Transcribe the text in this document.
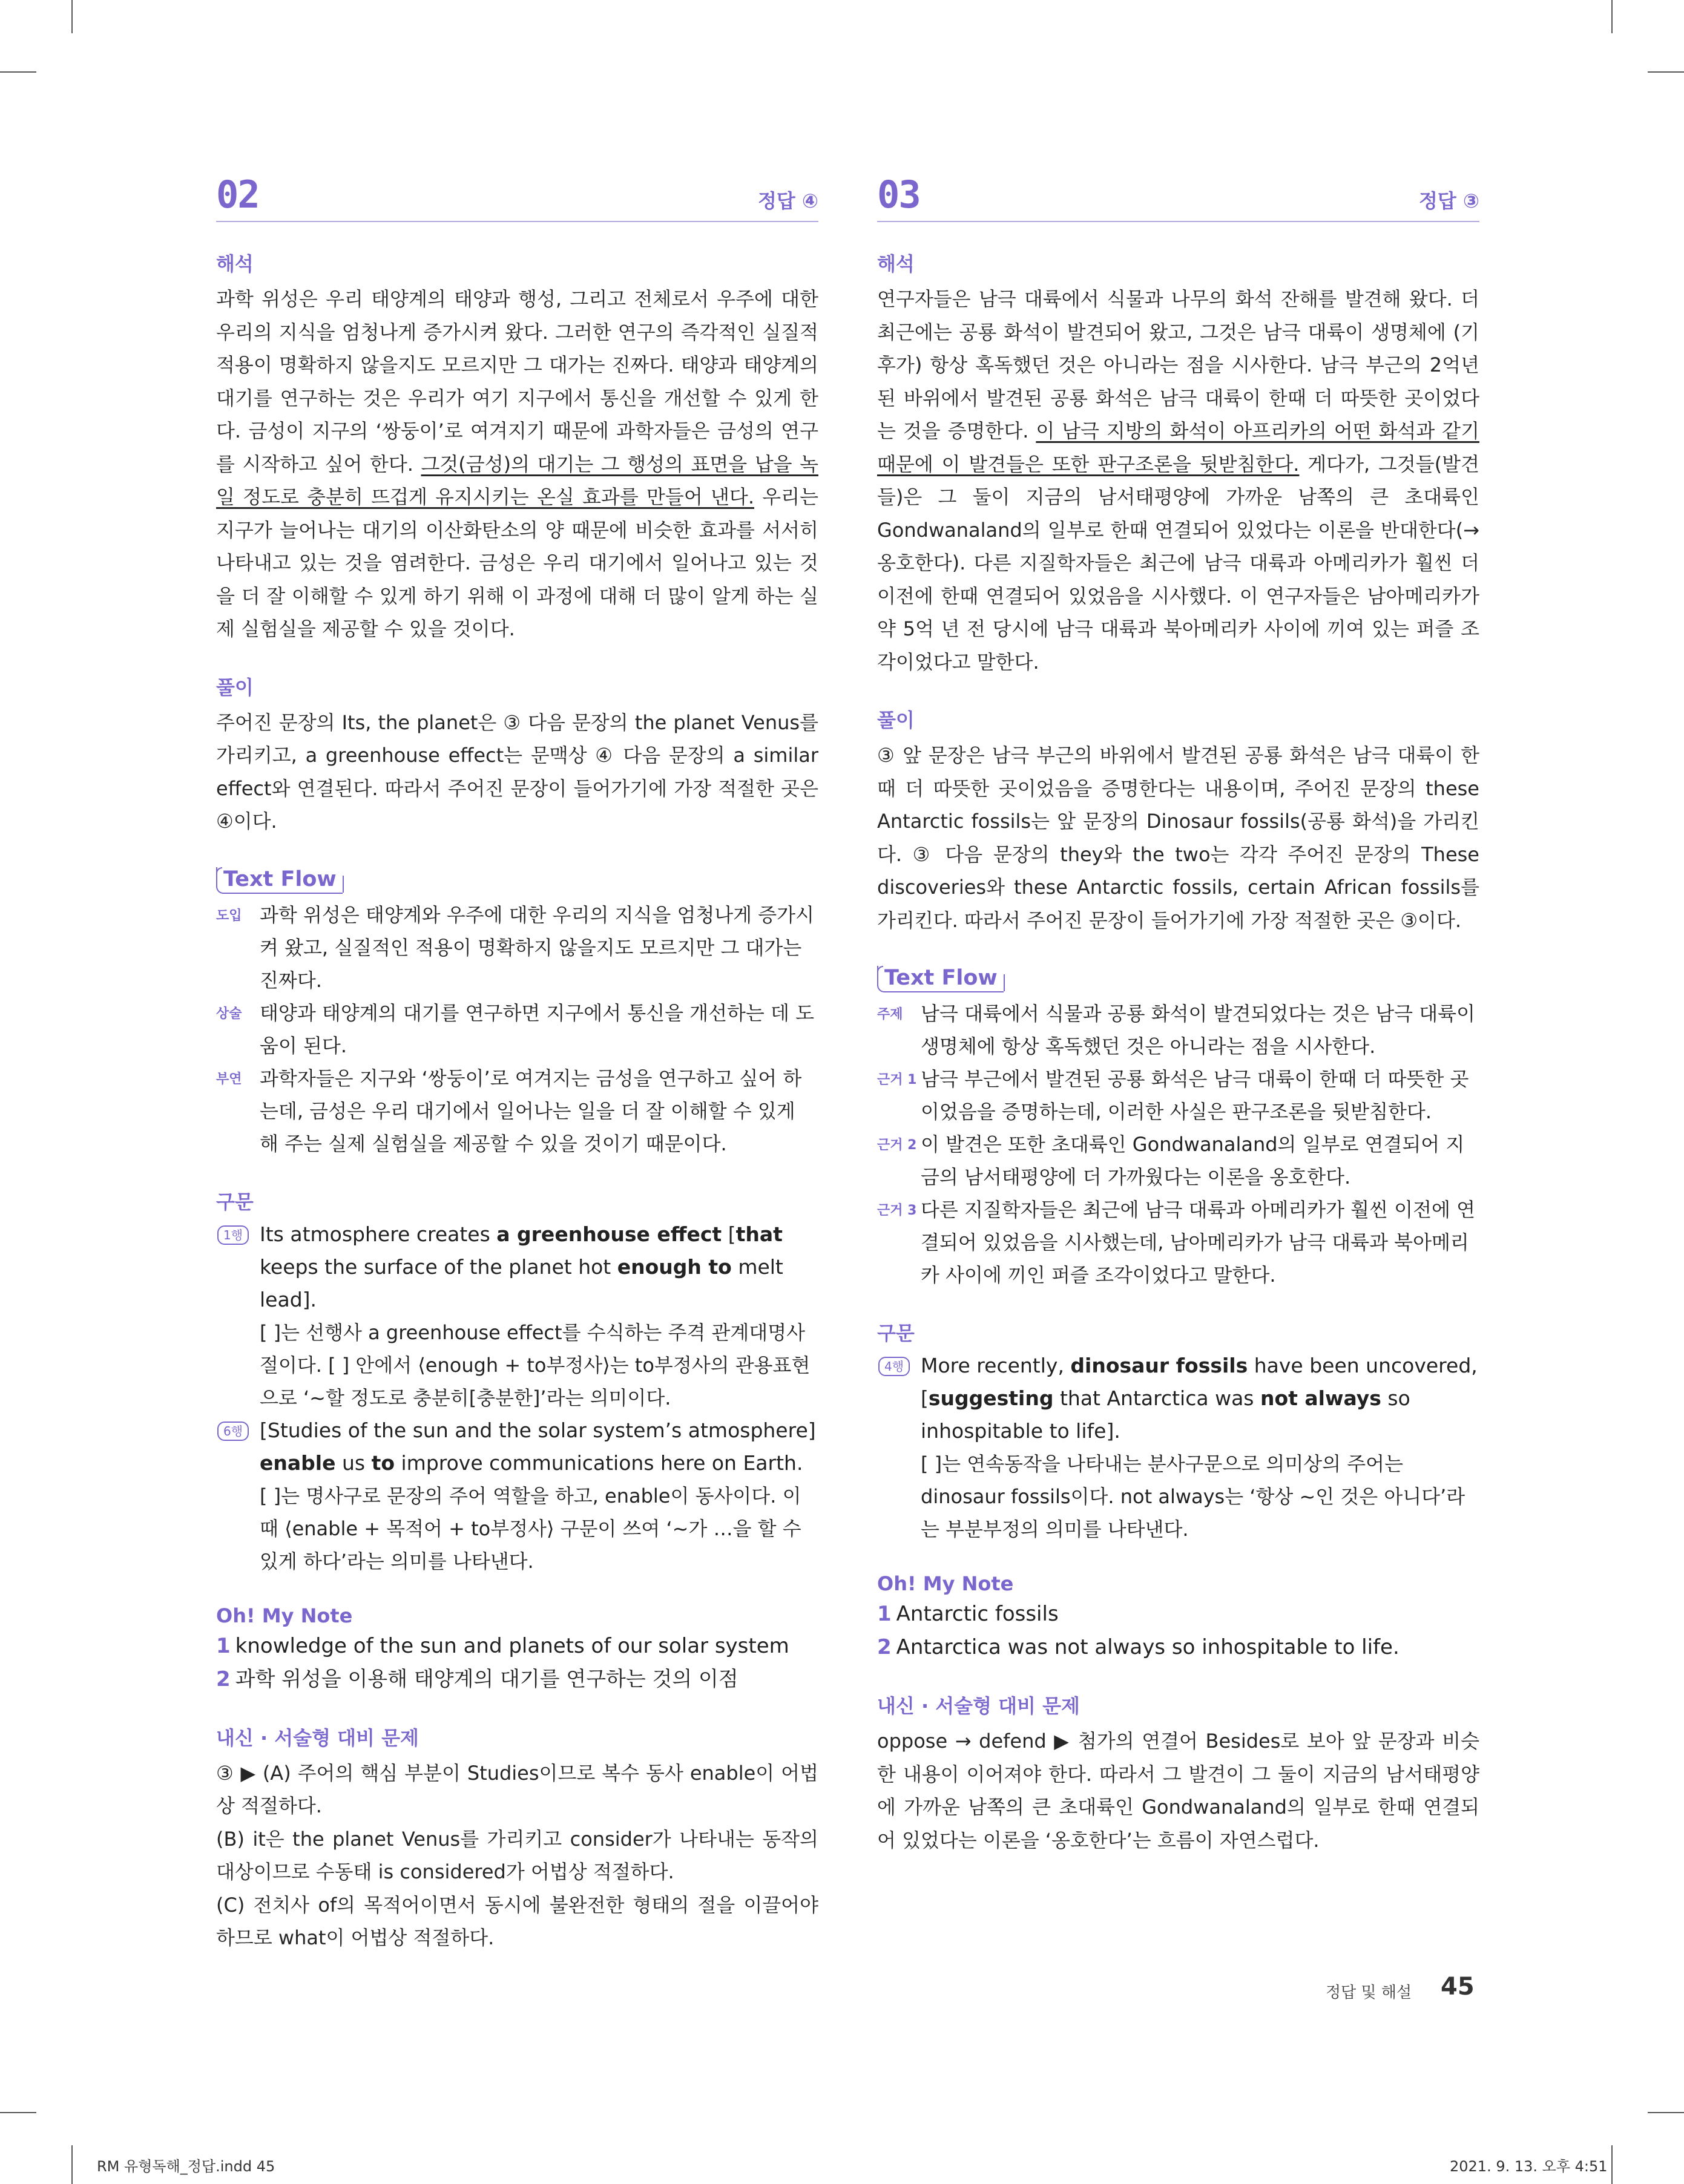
02	정답 ④
해석
과학 위성은 우리 태양계의 태양과 행성, 그리고 전체로서 우주에 대한 우리의 지식을 엄청나게 증가시켜 왔다. 그러한 연구의 즉각적인 실질적 적용이 명확하지 않을지도 모르지만 그 대가는 진짜다. 태양과 태양계의 대기를 연구하는 것은 우리가 여기 지구에서 통신을 개선할 수 있게 한다. 금성이 지구의 ‘쌍둥이’로 여겨지기 때문에 과학자들은 금성의 연구를 시작하고 싶어 한다. 그것(금성)의 대기는 그 행성의 표면을 납을 녹일 정도로 충분히 뜨겁게 유지시키는 온실 효과를 만들어 낸다. 우리는 지구가 늘어나는 대기의 이산화탄소의 양 때문에 비슷한 효과를 서서히 나타내고 있는 것을 염려한다. 금성은 우리 대기에서 일어나고 있는 것을 더 잘 이해할 수 있게 하기 위해 이 과정에 대해 더 많이 알게 하는 실제 실험실을 제공할 수 있을 것이다.
풀이
주어진 문장의 Its, the planet은 ③ 다음 문장의 the planet Venus를 가리키고, a greenhouse effect는 문맥상 ④ 다음 문장의 a similar effect와 연결된다. 따라서 주어진 문장이 들어가기에 가장 적절한 곳은 ④이다.
Text Flow
도입 과학 위성은 태양계와 우주에 대한 우리의 지식을 엄청나게 증가시켜 왔고, 실질적인 적용이 명확하지 않을지도 모르지만 그 대가는 진짜다.
상술 태양과 태양계의 대기를 연구하면 지구에서 통신을 개선하는 데 도움이 된다.
부연 과학자들은 지구와 ‘쌍둥이’로 여겨지는 금성을 연구하고 싶어 하는데, 금성은 우리 대기에서 일어나는 일을 더 잘 이해할 수 있게 해 주는 실제 실험실을 제공할 수 있을 것이기 때문이다.
구문
1행 Its atmosphere creates a greenhouse effect [that keeps the surface of the planet hot enough to melt lead].
[ ]는 선행사 a greenhouse effect를 수식하는 주격 관계대명사절이다. [ ] 안에서 ⟨enough + to부정사⟩는 to부정사의 관용표현으로 ‘~할 정도로 충분히[충분한]’라는 의미이다.
6행 [Studies of the sun and the solar system’s atmosphere] enable us to improve communications here on Earth.
[ ]는 명사구로 문장의 주어 역할을 하고, enable이 동사이다. 이때 ⟨enable + 목적어 + to부정사⟩ 구문이 쓰여 ‘~가 …을 할 수 있게 하다’라는 의미를 나타낸다.
Oh! My Note
1 knowledge of the sun and planets of our solar system
2 과학 위성을 이용해 태양계의 대기를 연구하는 것의 이점
내신 · 서술형 대비 문제
③ ▶ (A) 주어의 핵심 부분이 Studies이므로 복수 동사 enable이 어법상 적절하다.
(B) it은 the planet Venus를 가리키고 consider가 나타내는 동작의 대상이므로 수동태 is considered가 어법상 적절하다.
(C) 전치사 of의 목적어이면서 동시에 불완전한 형태의 절을 이끌어야 하므로 what이 어법상 적절하다.
03	정답 ③
해석
연구자들은 남극 대륙에서 식물과 나무의 화석 잔해를 발견해 왔다. 더 최근에는 공룡 화석이 발견되어 왔고, 그것은 남극 대륙이 생명체에 (기후가) 항상 혹독했던 것은 아니라는 점을 시사한다. 남극 부근의 2억년 된 바위에서 발견된 공룡 화석은 남극 대륙이 한때 더 따뜻한 곳이었다는 것을 증명한다. 이 남극 지방의 화석이 아프리카의 어떤 화석과 같기 때문에 이 발견들은 또한 판구조론을 뒷받침한다. 게다가, 그것들(발견들)은 그 둘이 지금의 남서태평양에 가까운 남쪽의 큰 초대륙인 Gondwanaland의 일부로 한때 연결되어 있었다는 이론을 반대한다(→ 옹호한다). 다른 지질학자들은 최근에 남극 대륙과 아메리카가 훨씬 더 이전에 한때 연결되어 있었음을 시사했다. 이 연구자들은 남아메리카가 약 5억 년 전 당시에 남극 대륙과 북아메리카 사이에 끼여 있는 퍼즐 조각이었다고 말한다.
풀이
③ 앞 문장은 남극 부근의 바위에서 발견된 공룡 화석은 남극 대륙이 한때 더 따뜻한 곳이었음을 증명한다는 내용이며, 주어진 문장의 these Antarctic fossils는 앞 문장의 Dinosaur fossils(공룡 화석)을 가리킨다. ③ 다음 문장의 they와 the two는 각각 주어진 문장의 These discoveries와 these Antarctic fossils, certain African fossils를 가리킨다. 따라서 주어진 문장이 들어가기에 가장 적절한 곳은 ③이다.
Text Flow
주제 남극 대륙에서 식물과 공룡 화석이 발견되었다는 것은 남극 대륙이 생명체에 항상 혹독했던 것은 아니라는 점을 시사한다.
근거 1 남극 부근에서 발견된 공룡 화석은 남극 대륙이 한때 더 따뜻한 곳이었음을 증명하는데, 이러한 사실은 판구조론을 뒷받침한다.
근거 2 이 발견은 또한 초대륙인 Gondwanaland의 일부로 연결되어 지금의 남서태평양에 더 가까웠다는 이론을 옹호한다.
근거 3 다른 지질학자들은 최근에 남극 대륙과 아메리카가 훨씬 이전에 연결되어 있었음을 시사했는데, 남아메리카가 남극 대륙과 북아메리카 사이에 끼인 퍼즐 조각이었다고 말한다.
구문
4행 More recently, dinosaur fossils have been uncovered, [suggesting that Antarctica was not always so inhospitable to life].
[ ]는 연속동작을 나타내는 분사구문으로 의미상의 주어는 dinosaur fossils이다. not always는 ‘항상 ~인 것은 아니다’라는 부분부정의 의미를 나타낸다.
Oh! My Note
1 Antarctic fossils
2 Antarctica was not always so inhospitable to life.
내신 · 서술형 대비 문제
oppose → defend ▶ 첨가의 연결어 Besides로 보아 앞 문장과 비슷한 내용이 이어져야 한다. 따라서 그 발견이 그 둘이 지금의 남서태평양에 가까운 남쪽의 큰 초대륙인 Gondwanaland의 일부로 한때 연결되어 있었다는 이론을 ‘옹호한다’는 흐름이 자연스럽다.
정답 및 해설 45
RM 유형독해_정답.indd 45	2021. 9. 13. 오후 4:51
